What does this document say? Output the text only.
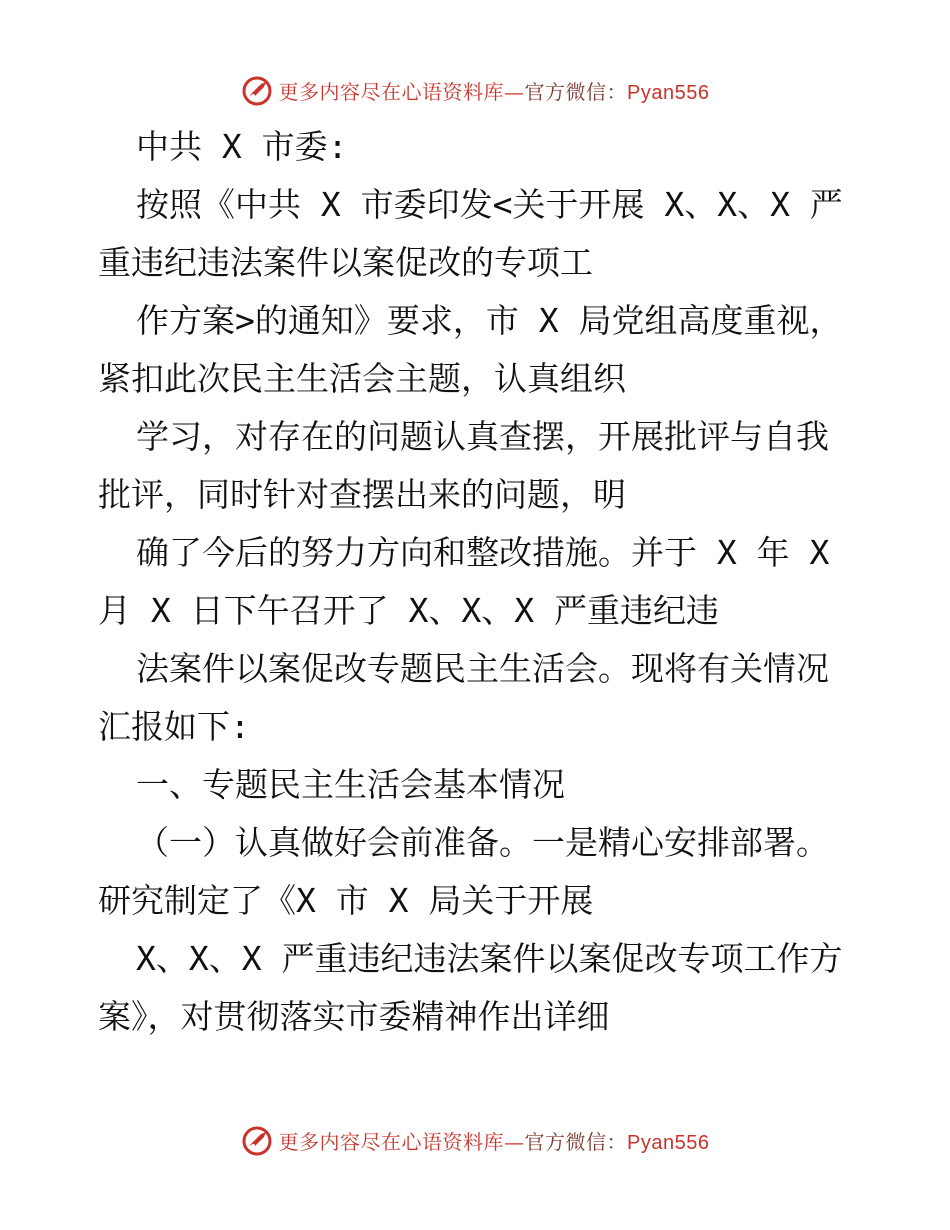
更多内容尽在心语资料库—官方微信：Pyan556
中共 X 市委:
按照《中共 X 市委印发<关于开展 X、X、X 严
重违纪违法案件以案促改的专项工
作方案>的通知》要求，市 X 局党组高度重视，
紧扣此次民主生活会主题，认真组织
学习，对存在的问题认真查摆，开展批评与自我
批评，同时针对查摆出来的问题，明
确了今后的努力方向和整改措施。并于 X 年 X
月 X 日下午召开了 X、X、X 严重违纪违
法案件以案促改专题民主生活会。现将有关情况
汇报如下:
一、专题民主生活会基本情况
（一）认真做好会前准备。一是精心安排部署。
研究制定了《X 市 X 局关于开展
X、X、X 严重违纪违法案件以案促改专项工作方
案》，对贯彻落实市委精神作出详细
更多内容尽在心语资料库—官方微信：Pyan556
